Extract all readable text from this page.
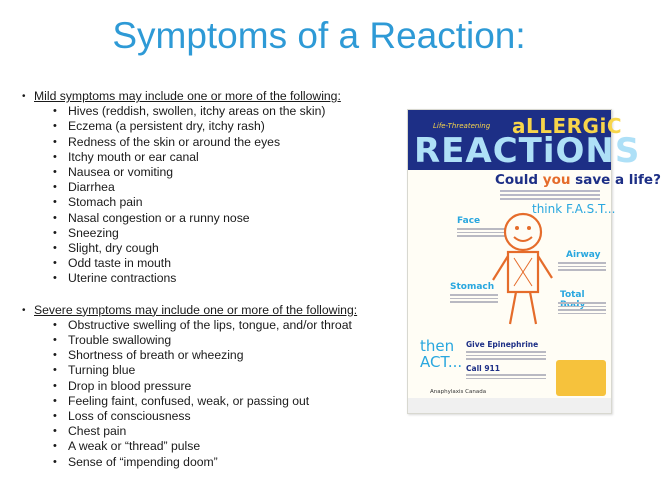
Symptoms of a Reaction:
• Mild symptoms may include one or more of the following:
• Hives (reddish, swollen, itchy areas on the skin)
• Eczema (a persistent dry, itchy rash)
• Redness of the skin or around the eyes
• Itchy mouth or ear canal
• Nausea or vomiting
• Diarrhea
• Stomach pain
• Nasal congestion or a runny nose
• Sneezing
• Slight, dry cough
• Odd taste in mouth
• Uterine contractions
• Severe symptoms may include one or more of the following:
• Obstructive swelling of the lips, tongue, and/or throat
• Trouble swallowing
• Shortness of breath or wheezing
• Turning blue
• Drop in blood pressure
• Feeling faint, confused, weak, or passing out
• Loss of consciousness
• Chest pain
• A weak or “thread” pulse
• Sense of “impending doom”
Life-Threatening aLLERGiC
REACTiONS
Could you save a life?
think F.A.S.T...
Face
Airway
Stomach
Total
then
ACT...
Give Epinephrine
Call 911
Anaphylaxis Canada
